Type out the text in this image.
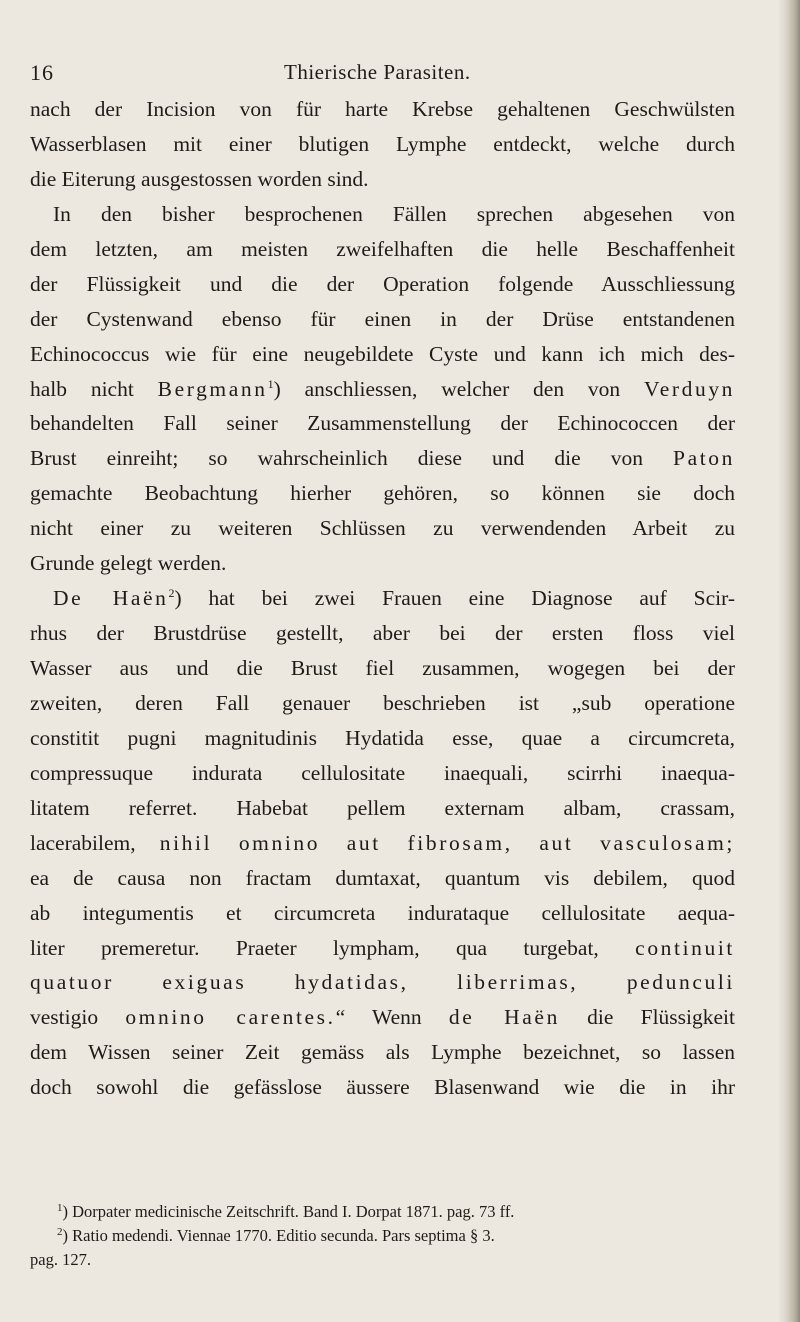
16	Thierische Parasiten.

nach der Incision von für harte Krebse gehaltenen Geschwülsten
Wasserblasen mit einer blutigen Lymphe entdeckt, welche durch
die Eiterung ausgestossen worden sind.

In den bisher besprochenen Fällen sprechen abgesehen von
dem letzten, am meisten zweifelhaften die helle Beschaffenheit
der Flüssigkeit und die der Operation folgende Ausschliessung
der Cystenwand ebenso für einen in der Drüse entstandenen
Echinococcus wie für eine neugebildete Cyste und kann ich mich des-
halb nicht Bergmann$^1$) anschliessen, welcher den von Verduyn
behandelten Fall seiner Zusammenstellung der Echinococcen der
Brust einreiht; so wahrscheinlich diese und die von Paton
gemachte Beobachtung hierher gehören, so können sie doch
nicht einer zu weiteren Schlüssen zu verwendenden Arbeit zu
Grunde gelegt werden.

De Haën$^2$) hat bei zwei Frauen eine Diagnose auf Scir-
rhus der Brustdrüse gestellt, aber bei der ersten floss viel
Wasser aus und die Brust fiel zusammen, wogegen bei der
zweiten, deren Fall genauer beschrieben ist „sub operatione
constitit pugni magnitudinis Hydatida esse, quae a circumcreta,
compressuque indurata cellulositate inaequali, scirrhi inaequa-
litatem referret. Habebat pellem externam albam, crassam,
lacerabilem, nihil omnino aut fibrosam, aut vasculosam;
ea de causa non fractam dumtaxat, quantum vis debilem, quod
ab integumentis et circumcreta indurataque cellulositate aequa-
liter premeretur. Praeter lympham, qua turgebat, continuit
quatuor exiguas hydatidas, liberrimas, pedunculi
vestigio omnino carentes.“ Wenn de Haën die Flüssigkeit
dem Wissen seiner Zeit gemäss als Lymphe bezeichnet, so lassen
doch sowohl die gefässlose äussere Blasenwand wie die in ihr

$^1$) Dorpater medicinische Zeitschrift. Band I. Dorpat 1871. pag. 73 ff.
$^2$) Ratio medendi. Viennae 1770. Editio secunda. Pars septima § 3.
pag. 127.
